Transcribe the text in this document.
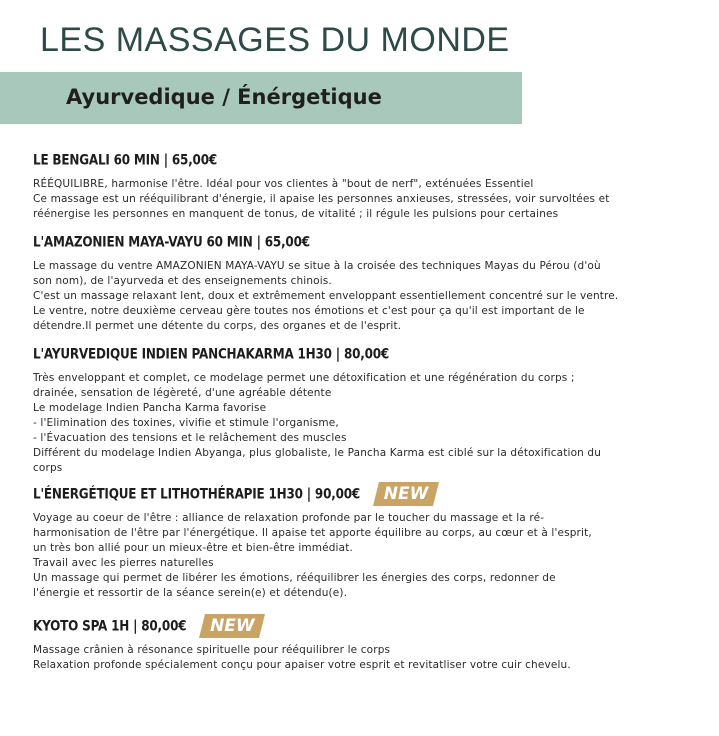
LES MASSAGES DU MONDE
Ayurvedique / Énérgetique
LE BENGALI 60 MIN | 65,00€
RÉÉQUILIBRE, harmonise l'être. Idéal pour vos clientes à "bout de nerf", exténuées Essentiel
Ce massage est un rééquilibrant d'énergie, il apaise les personnes anxieuses, stressées, voir survoltées et
réénergise les personnes en manquent de tonus, de vitalité ; il régule les pulsions pour certaines
L'AMAZONIEN MAYA-VAYU 60 MIN | 65,00€
Le massage du ventre AMAZONIEN MAYA-VAYU se situe à la croisée des techniques Mayas du Pérou (d'où
son nom), de l'ayurveda et des enseignements chinois.
C'est un massage relaxant lent, doux et extrêmement enveloppant essentiellement concentré sur le ventre.
Le ventre, notre deuxième cerveau gère toutes nos émotions et c'est pour ça qu'il est important de le
détendre.Il permet une détente du corps, des organes et de l'esprit.
L'AYURVEDIQUE INDIEN PANCHAKARMA 1H30 | 80,00€
Très enveloppant et complet, ce modelage permet une détoxification et une régénération du corps ;
drainée, sensation de légèreté, d'une agréable détente
Le modelage Indien Pancha Karma favorise
- l'Elimination des toxines, vivifie et stimule l'organisme,
- l'Évacuation des tensions et le relâchement des muscles
Différent du modelage Indien Abyanga, plus globaliste, le Pancha Karma est ciblé sur la détoxification du
corps
L'ÉNERGÉTIQUE ET LITHOTHÉRAPIE 1H30 | 90,00€	NEW
Voyage au coeur de l'être : alliance de relaxation profonde par le toucher du massage et la ré-
harmonisation de l'être par l'énergétique. Il apaise tet apporte équilibre au corps, au cœur et à l'esprit,
un très bon allié pour un mieux-être et bien-être immédiat.
Travail avec les pierres naturelles
Un massage qui permet de libérer les émotions, rééquilibrer les énergies des corps, redonner de
l'énergie et ressortir de la séance serein(e) et détendu(e).
KYOTO SPA 1H | 80,00€	NEW
Massage crânien à résonance spirituelle pour rééquilibrer le corps
Relaxation profonde spécialement conçu pour apaiser votre esprit et revitatliser votre cuir chevelu.
